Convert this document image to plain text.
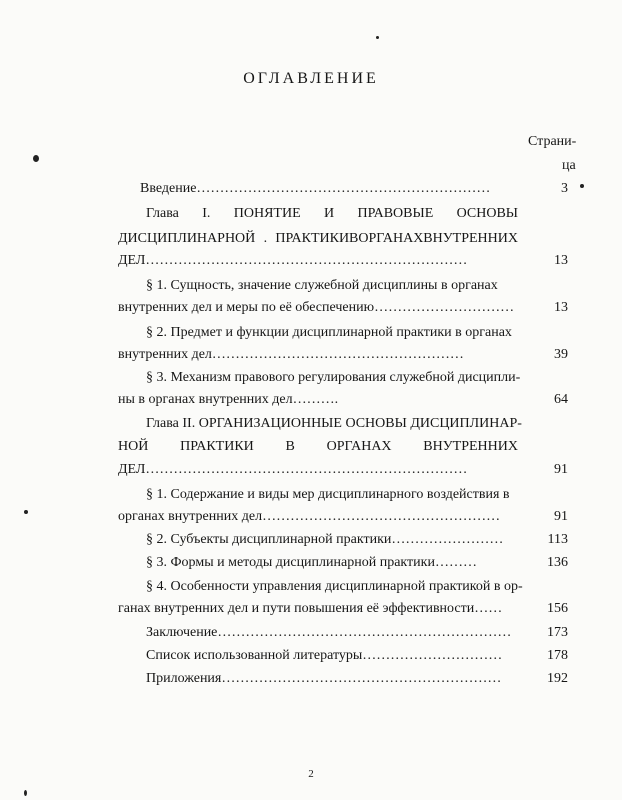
ОГЛАВЛЕНИЕ
Страни-
ца
Введение………………………………………………………	3
Глава I. ПОНЯТИЕ И ПРАВОВЫЕ ОСНОВЫ
ДИСЦИПЛИНАРНОЙ . ПРАКТИКИВОРГАНАХВНУТРЕННИХ
ДЕЛ……………………………………………………………	13
§ 1. Сущность, значение служебной дисциплины в органах
внутренних дел и меры по её обеспечению…………………………	13
§ 2. Предмет и функции дисциплинарной практики в органах
внутренних дел………………………………………………	39
§ 3. Механизм правового регулирования служебной дисципли-
ны в органах внутренних дел……….	64
Глава II. ОРГАНИЗАЦИОННЫЕ ОСНОВЫ ДИСЦИПЛИНАР-
НОЙ ПРАКТИКИ В ОРГАНАХ ВНУТРЕННИХ
ДЕЛ……………………………………………………………	91
§ 1. Содержание и виды мер дисциплинарного воздействия в
органах внутренних дел……………………………………………	91
§ 2. Субъекты дисциплинарной практики……………………	113
§ 3. Формы и методы дисциплинарной практики………	136
§ 4. Особенности управления дисциплинарной практикой в ор-
ганах внутренних дел и пути повышения её эффективности……	156
Заключение………………………………………………………	173
Список использованной литературы…………………………	178
Приложения……………………………………………………	192
2
